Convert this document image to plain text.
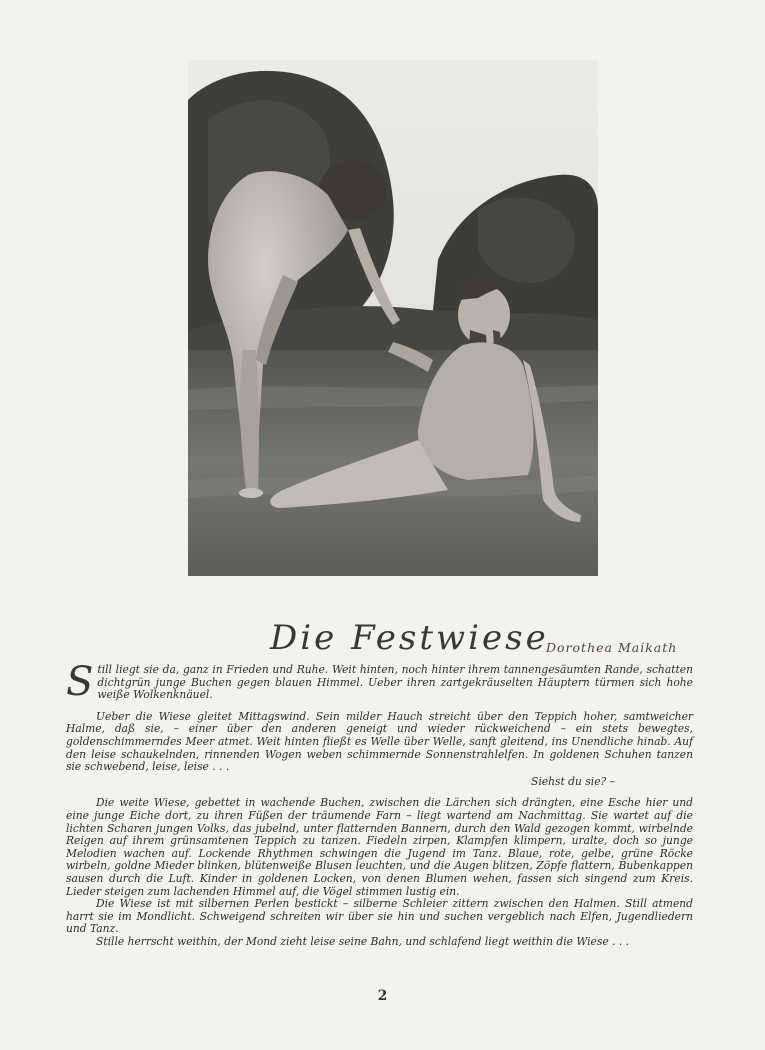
Die Festwiese
Dorothea Maikath

Still liegt sie da, ganz in Frieden und Ruhe. Weit hinten, noch hinter ihrem tannengesäumten Rande, schatten dichtgrün junge Buchen gegen blauen Himmel. Ueber ihren zartgekräuselten Häuptern türmen sich hohe weiße Wolkenknäuel.

Ueber die Wiese gleitet Mittagswind. Sein milder Hauch streicht über den Teppich hoher, samtweicher Halme, daß sie, – einer über den anderen geneigt und wieder rückweichend – ein stets bewegtes, goldenschimmerndes Meer atmet. Weit hinten fließt es Welle über Welle, sanft gleitend, ins Unendliche hinab. Auf den leise schaukelnden, rinnenden Wogen weben schimmernde Sonnenstrahlelfen. In goldenen Schuhen tanzen sie schwebend, leise, leise . . .

Siehst du sie? –

Die weite Wiese, gebettet in wachende Buchen, zwischen die Lärchen sich drängten, eine Esche hier und eine junge Eiche dort, zu ihren Füßen der träumende Farn – liegt wartend am Nachmittag. Sie wartet auf die lichten Scharen jungen Volks, das jubelnd, unter flatternden Bannern, durch den Wald gezogen kommt, wirbelnde Reigen auf ihrem grünsamtenen Teppich zu tanzen. Fiedeln zirpen, Klampfen klimpern, uralte, doch so junge Melodien wachen auf. Lockende Rhythmen schwingen die Jugend im Tanz. Blaue, rote, gelbe, grüne Röcke wirbeln, goldne Mieder blinken, blütenweiße Blusen leuchten, und die Augen blitzen, Zöpfe flattern, Bubenkappen sausen durch die Luft. Kinder in goldenen Locken, von denen Blumen wehen, fassen sich singend zum Kreis. Lieder steigen zum lachenden Himmel auf, die Vögel stimmen lustig ein.

Die Wiese ist mit silbernen Perlen bestickt – silberne Schleier zittern zwischen den Halmen. Still atmend harrt sie im Mondlicht. Schweigend schreiten wir über sie hin und suchen vergeblich nach Elfen, Jugendliedern und Tanz.

Stille herrscht weithin, der Mond zieht leise seine Bahn, und schlafend liegt weithin die Wiese . . .

2
